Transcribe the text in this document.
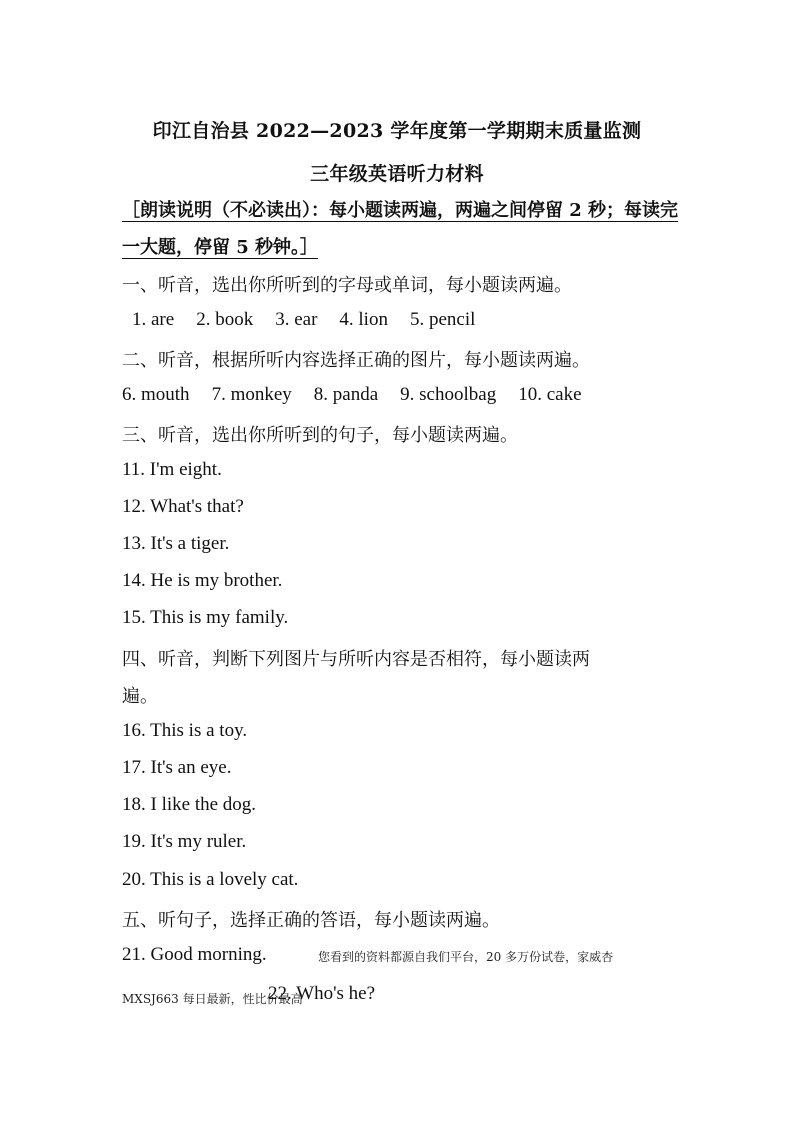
印江自治县 2022—2023 学年度第一学期期末质量监测
三年级英语听力材料
［朗读说明（不必读出）：每小题读两遍，两遍之间停留 2 秒；每读完一大题，停留 5 秒钟。］
一、听音，选出你所听到的字母或单词，每小题读两遍。
1. are 2. book 3. ear 4. lion 5. pencil
二、听音，根据所听内容选择正确的图片，每小题读两遍。
6. mouth 7. monkey 8. panda 9. schoolbag 10. cake
三、听音，选出你所听到的句子，每小题读两遍。
11. I'm eight.
12. What's that?
13. It's a tiger.
14. He is my brother.
15. This is my family.
四、听音，判断下列图片与所听内容是否相符，每小题读两
遍。
16. This is a toy.
17. It's an eye.
18. I like the dog.
19. It's my ruler.
20. This is a lovely cat.
五、听句子，选择正确的答语，每小题读两遍。
21. Good morning.	您看到的资料都源自我们平台，20 多万份试卷，家威杏
MXSJ663 每日最新，性比价最高
22. Who's he?
